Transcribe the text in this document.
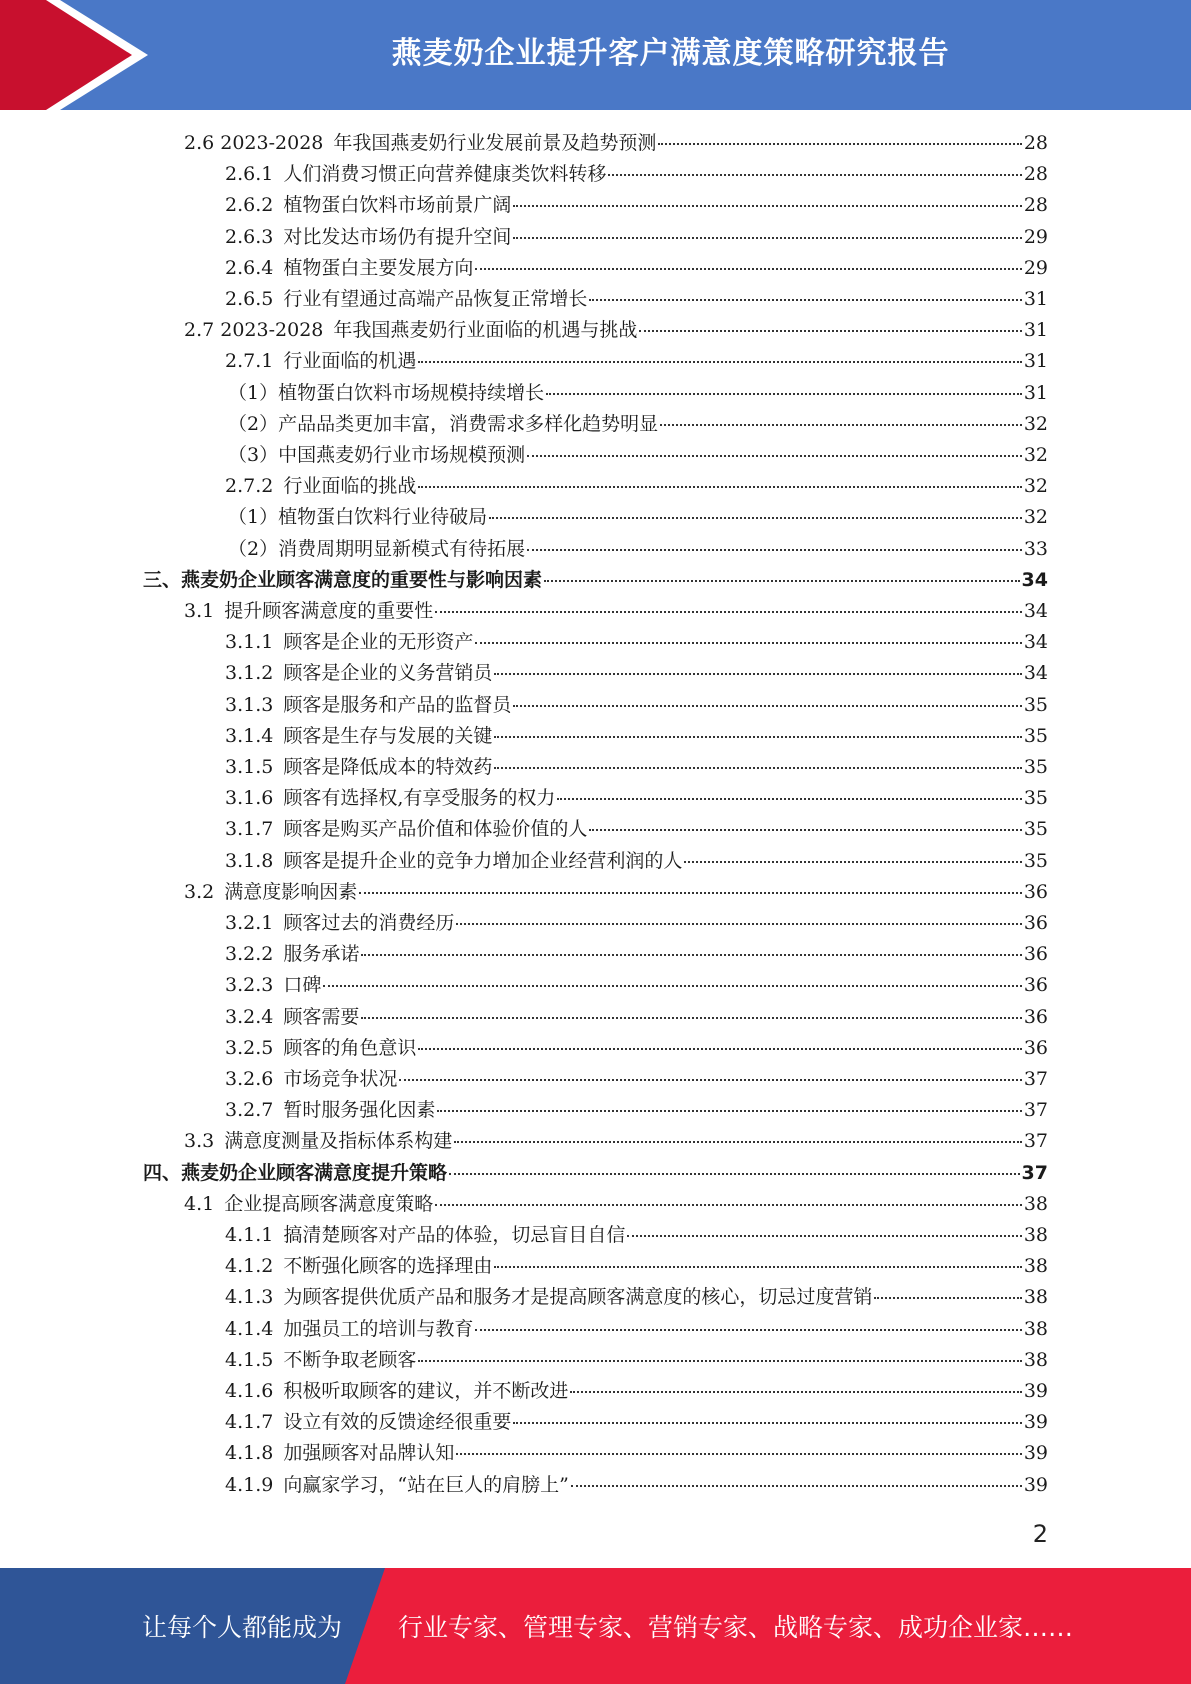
燕麦奶企业提升客户满意度策略研究报告
2.6 2023-2028 年我国燕麦奶行业发展前景及趋势预测	28
2.6.1 人们消费习惯正向营养健康类饮料转移	28
2.6.2 植物蛋白饮料市场前景广阔	28
2.6.3 对比发达市场仍有提升空间	29
2.6.4 植物蛋白主要发展方向	29
2.6.5 行业有望通过高端产品恢复正常增长	31
2.7 2023-2028 年我国燕麦奶行业面临的机遇与挑战	31
2.7.1 行业面临的机遇	31
（1） 植物蛋白饮料市场规模持续增长	31
（2） 产品品类更加丰富，消费需求多样化趋势明显	32
（3） 中国燕麦奶行业市场规模预测	32
2.7.2 行业面临的挑战	32
（1） 植物蛋白饮料行业待破局	32
（2） 消费周期明显新模式有待拓展	33
三、 燕麦奶企业顾客满意度的重要性与影响因素	34
3.1 提升顾客满意度的重要性	34
3.1.1 顾客是企业的无形资产	34
3.1.2 顾客是企业的义务营销员	34
3.1.3 顾客是服务和产品的监督员	35
3.1.4 顾客是生存与发展的关键	35
3.1.5 顾客是降低成本的特效药	35
3.1.6 顾客有选择权,有享受服务的权力	35
3.1.7 顾客是购买产品价值和体验价值的人	35
3.1.8 顾客是提升企业的竞争力增加企业经营利润的人	35
3.2 满意度影响因素	36
3.2.1 顾客过去的消费经历	36
3.2.2 服务承诺	36
3.2.3 口碑	36
3.2.4 顾客需要	36
3.2.5 顾客的角色意识	36
3.2.6 市场竞争状况	37
3.2.7 暂时服务强化因素	37
3.3 满意度测量及指标体系构建	37
四、 燕麦奶企业顾客满意度提升策略	37
4.1 企业提高顾客满意度策略	38
4.1.1 搞清楚顾客对产品的体验，切忌盲目自信	38
4.1.2 不断强化顾客的选择理由	38
4.1.3 为顾客提供优质产品和服务才是提高顾客满意度的核心，切忌过度营销	38
4.1.4 加强员工的培训与教育	38
4.1.5 不断争取老顾客	38
4.1.6 积极听取顾客的建议，并不断改进	39
4.1.7 设立有效的反馈途经很重要	39
4.1.8 加强顾客对品牌认知	39
4.1.9 向赢家学习，“站在巨人的肩膀上”	39
2
让每个人都能成为 行业专家、管理专家、营销专家、战略专家、成功企业家……
